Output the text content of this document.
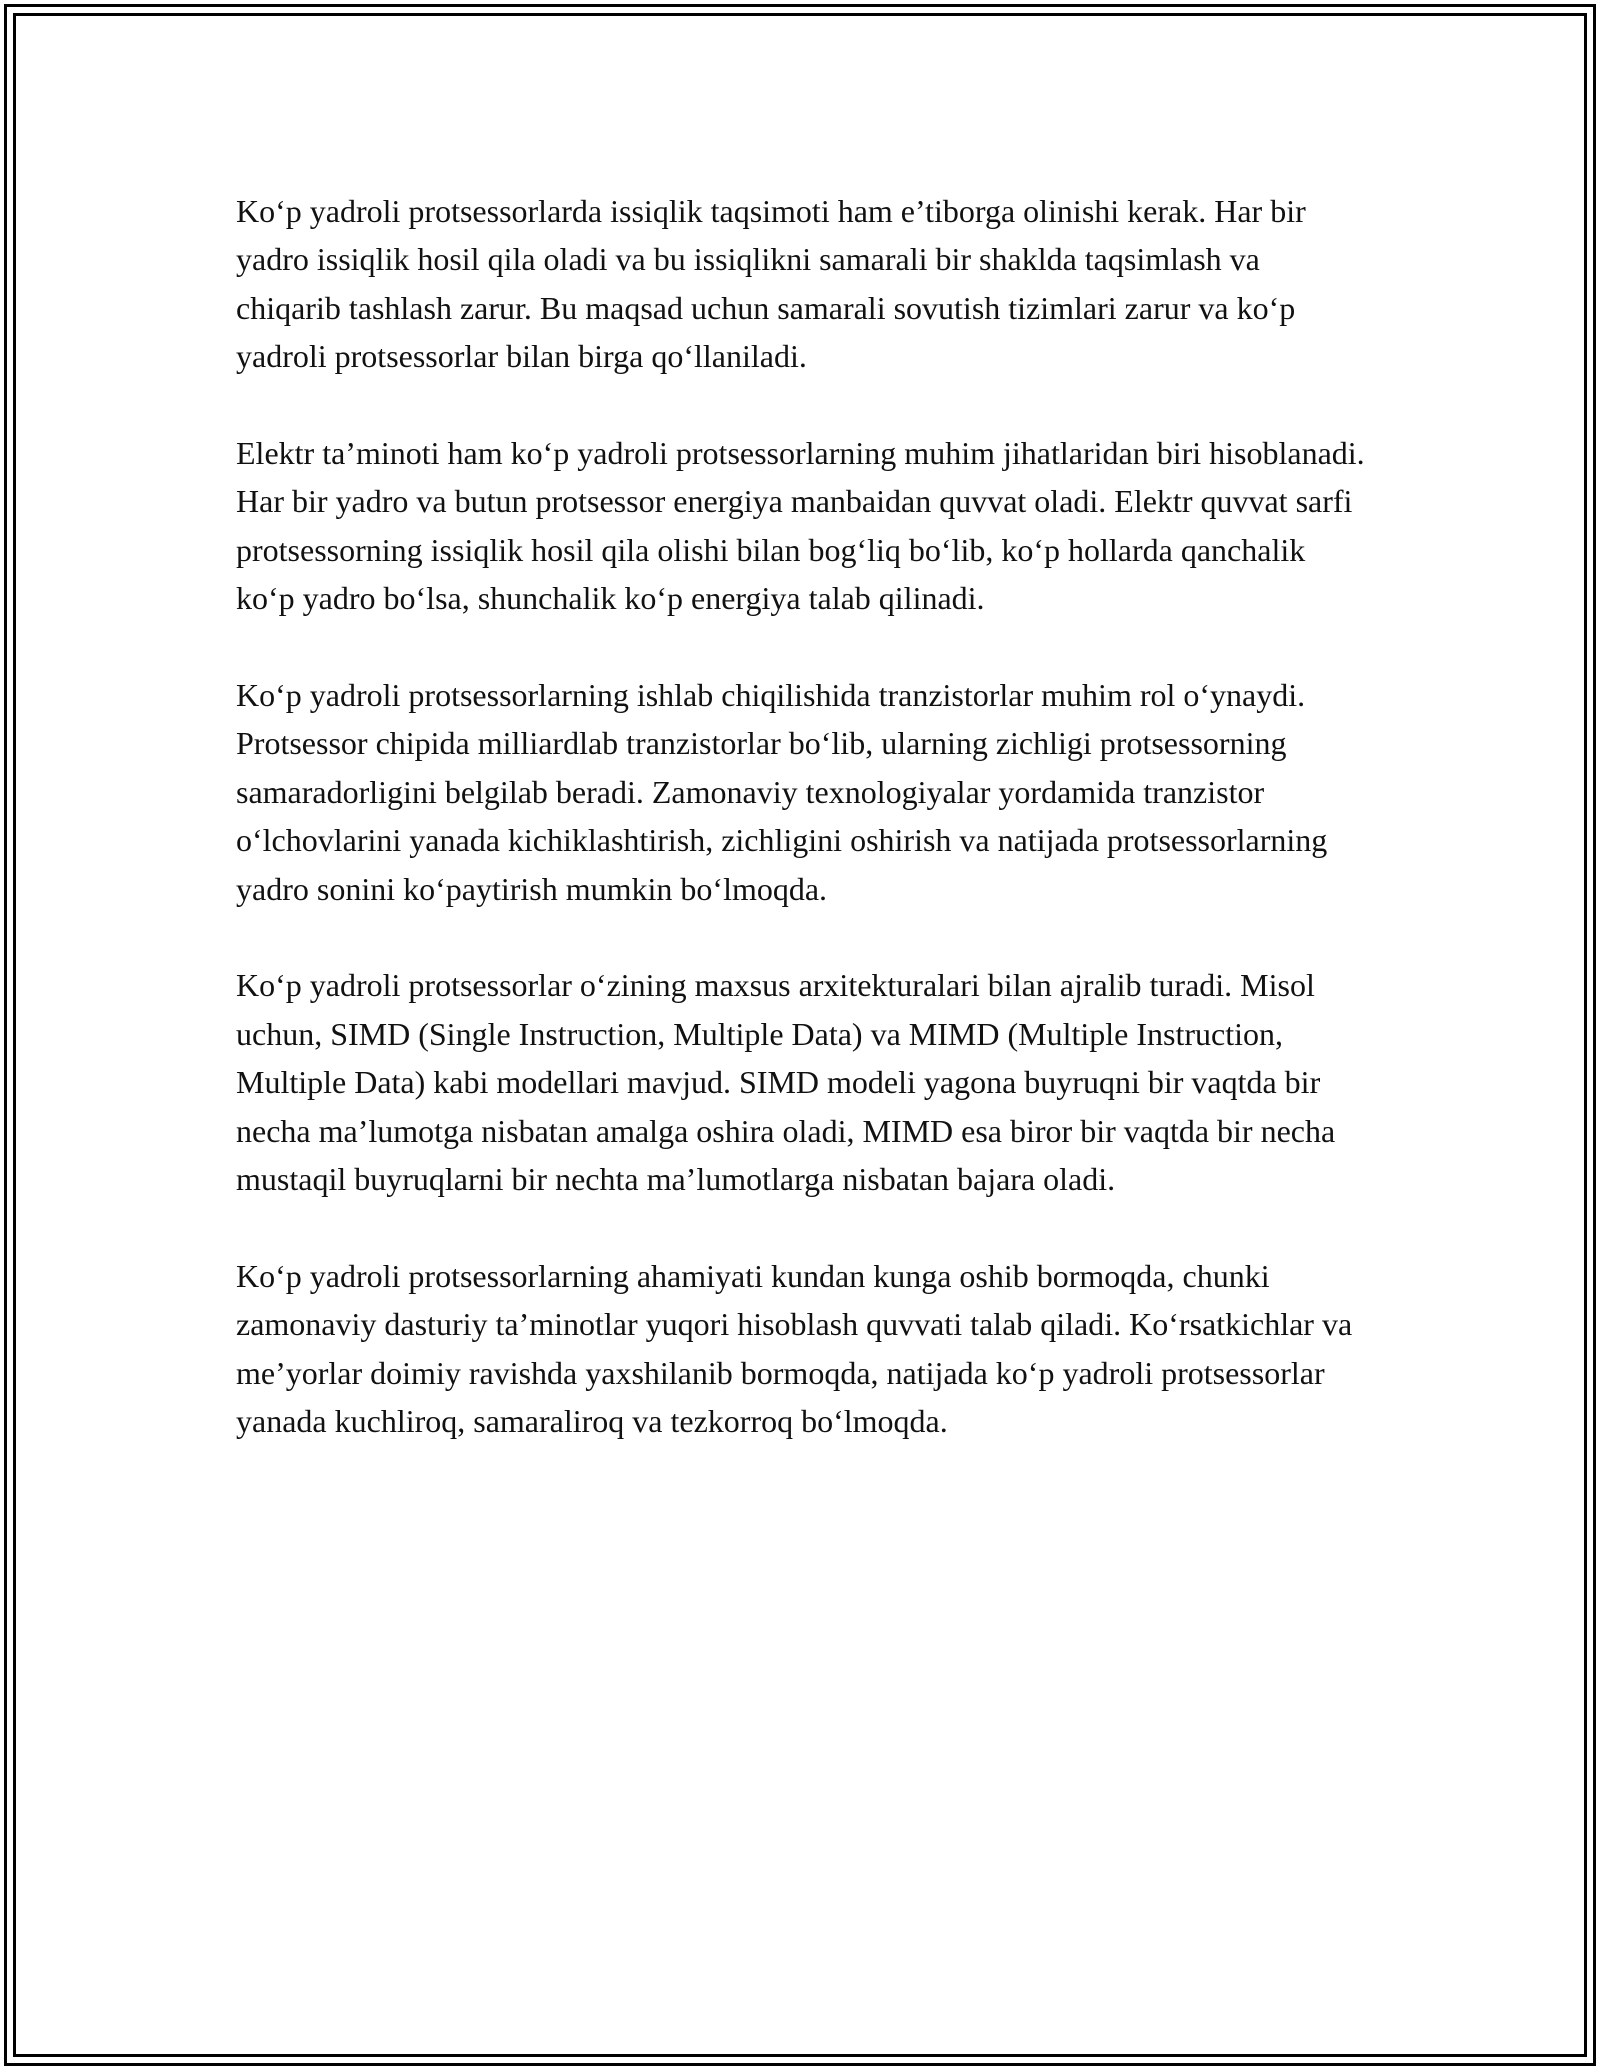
Ko‘p yadroli protsessorlarda issiqlik taqsimoti ham e’tiborga olinishi kerak. Har bir yadro issiqlik hosil qila oladi va bu issiqlikni samarali bir shaklda taqsimlash va chiqarib tashlash zarur. Bu maqsad uchun samarali sovutish tizimlari zarur va ko‘p yadroli protsessorlar bilan birga qo‘llaniladi.

Elektr ta’minoti ham ko‘p yadroli protsessorlarning muhim jihatlaridan biri hisoblanadi. Har bir yadro va butun protsessor energiya manbaidan quvvat oladi. Elektr quvvat sarfi protsessorning issiqlik hosil qila olishi bilan bog‘liq bo‘lib, ko‘p hollarda qanchalik ko‘p yadro bo‘lsa, shunchalik ko‘p energiya talab qilinadi.

Ko‘p yadroli protsessorlarning ishlab chiqilishida tranzistorlar muhim rol o‘ynaydi. Protsessor chipida milliardlab tranzistorlar bo‘lib, ularning zichligi protsessorning samaradorligini belgilab beradi. Zamonaviy texnologiyalar yordamida tranzistor o‘lchovlarini yanada kichiklashtirish, zichligini oshirish va natijada protsessorlarning yadro sonini ko‘paytirish mumkin bo‘lmoqda.

Ko‘p yadroli protsessorlar o‘zining maxsus arxitekturalari bilan ajralib turadi. Misol uchun, SIMD (Single Instruction, Multiple Data) va MIMD (Multiple Instruction, Multiple Data) kabi modellari mavjud. SIMD modeli yagona buyruqni bir vaqtda bir necha ma’lumotga nisbatan amalga oshira oladi, MIMD esa biror bir vaqtda bir necha mustaqil buyruqlarni bir nechta ma’lumotlarga nisbatan bajara oladi.

Ko‘p yadroli protsessorlarning ahamiyati kundan kunga oshib bormoqda, chunki zamonaviy dasturiy ta’minotlar yuqori hisoblash quvvati talab qiladi. Ko‘rsatkichlar va me’yorlar doimiy ravishda yaxshilanib bormoqda, natijada ko‘p yadroli protsessorlar yanada kuchliroq, samaraliroq va tezkorroq bo‘lmoqda.
